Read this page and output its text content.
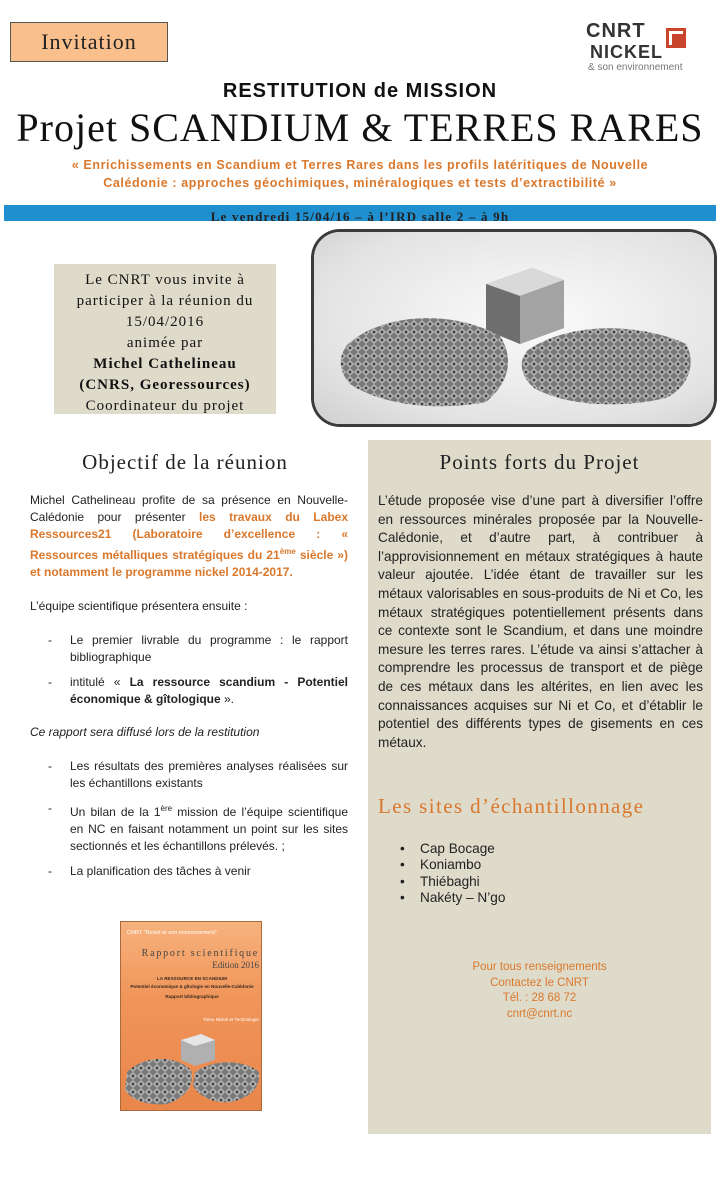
Invitation	CNRT
NICKEL
& son environnement
RESTITUTION de MISSION
Projet SCANDIUM & TERRES RARES
« Enrichissements en Scandium et Terres Rares dans les profils latéritiques de Nouvelle Calédonie : approches géochimiques, minéralogiques et tests d’extractibilité »
Le vendredi 15/04/16 – à l’IRD salle 2 – à 9h
Le CNRT vous invite à
participer à la réunion du
15/04/2016
animée par
Michel Cathelineau
(CNRS, Georessources)
Coordinateur du projet
Objectif de la réunion

Michel Cathelineau profite de sa présence en Nouvelle-Calédonie pour présenter les travaux du Labex Ressources21 (Laboratoire d’excellence : « Ressources métalliques stratégiques du 21ème siècle ») et notamment le programme nickel 2014-2017.

L’équipe scientifique présentera ensuite :

- Le premier livrable du programme : le rapport bibliographique

- intitulé « La ressource scandium - Potentiel économique & gîtologique ».

Ce rapport sera diffusé lors de la restitution

- Les résultats des premières analyses réalisées sur les échantillons existants

- Un bilan de la 1ère mission de l’équipe scientifique en NC en faisant notamment un point sur les sites sectionnés et les échantillons prélevés. ;

- La planification des tâches à venir

CNRT "Nickel et son environnement"
Rapport scientifique
Edition 2016
LA RESSOURCE EN SCANDIUM
Potentiel économique & gîtologie en Nouvelle-Calédonie
Rapport bibliographique
Tome Nickel et Technologie
Points forts du Projet
L’étude proposée vise d’une part à diversifier l’offre en ressources minérales proposée par la Nouvelle-Calédonie, et d’autre part, à contribuer à l’approvisionnement en métaux stratégiques à haute valeur ajoutée. L’idée étant de travailler sur les métaux valorisables en sous-produits de Ni et Co, les métaux stratégiques potentiellement présents dans ce contexte sont le Scandium, et dans une moindre mesure les terres rares. L’étude va ainsi s’attacher à comprendre les processus de transport et de piège de ces métaux dans les altérites, en lien avec les connaissances acquises sur Ni et Co, et d’établir le potentiel des différents types de gisements en ces métaux.
Les sites d’échantillonnage
• Cap Bocage
• Koniambo
• Thiébaghi
• Nakéty – N’go
Pour tous renseignements
Contactez le CNRT
Tél. : 28 68 72
cnrt@cnrt.nc
